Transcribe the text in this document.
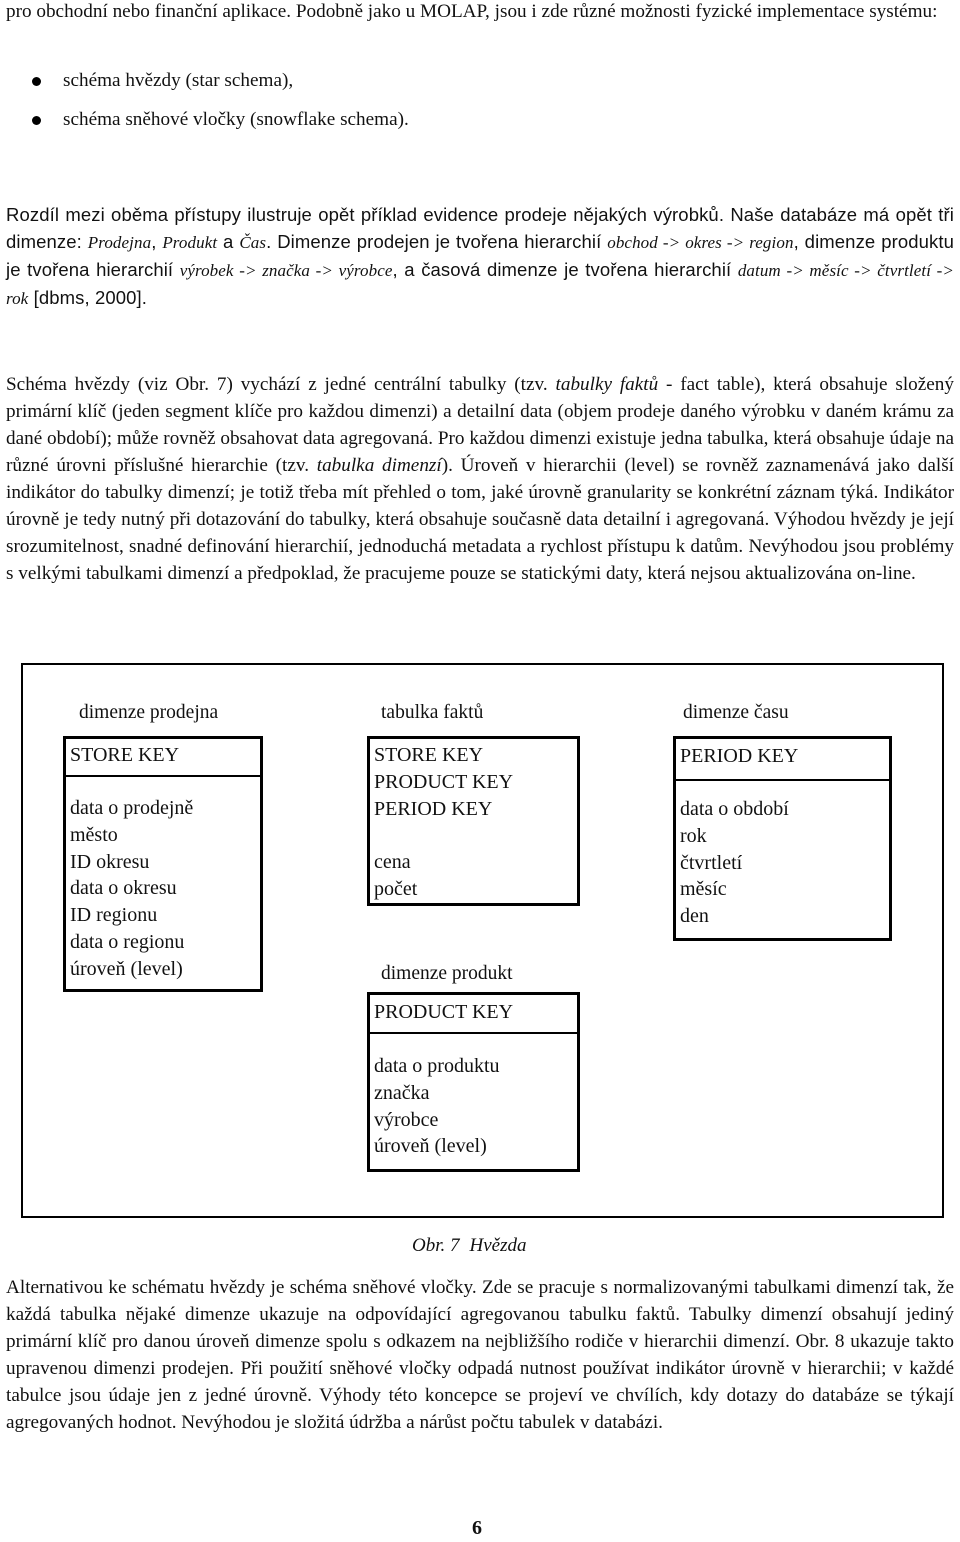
pro obchodní nebo finanční aplikace. Podobně jako u MOLAP, jsou i zde různé možnosti fyzické implementace systému:

schéma hvězdy (star schema),
schéma sněhové vločky (snowflake schema).

Rozdíl mezi oběma přístupy ilustruje opět příklad evidence prodeje nějakých výrobků. Naše databáze má opět tři dimenze: Prodejna, Produkt a Čas. Dimenze prodejen je tvořena hierarchií obchod -> okres -> region, dimenze produktu je tvořena hierarchií výrobek -> značka -> výrobce, a časová dimenze je tvořena hierarchií datum -> měsíc -> čtvrtletí -> rok [dbms, 2000].

Schéma hvězdy (viz Obr. 7) vychází z jedné centrální tabulky (tzv. tabulky faktů - fact table), která obsahuje složený primární klíč (jeden segment klíče pro každou dimenzi) a detailní data (objem prodeje daného výrobku v daném krámu za dané období); může rovněž obsahovat data agregovaná. Pro každou dimenzi existuje jedna tabulka, která obsahuje údaje na různé úrovni příslušné hierarchie (tzv. tabulka dimenzí). Úroveň v hierarchii (level) se rovněž zaznamenává jako další indikátor do tabulky dimenzí; je totiž třeba mít přehled o tom, jaké úrovně granularity se konkrétní záznam týká. Indikátor úrovně je tedy nutný při dotazování do tabulky, která obsahuje současně data detailní i agregovaná. Výhodou hvězdy je její srozumitelnost, snadné definování hierarchií, jednoduchá metadata a rychlost přístupu k datům. Nevýhodou jsou problémy s velkými tabulkami dimenzí a předpoklad, že pracujeme pouze se statickými daty, která nejsou aktualizována on-line.

dimenze prodejna	tabulka faktů	dimenze času
STORE KEY
data o prodejně
město
ID okresu
data o okresu
ID regionu
data o regionu
úroveň (level)
STORE KEY
PRODUCT KEY
PERIOD KEY
cena
počet
PERIOD KEY
data o období
rok
čtvrtletí
měsíc
den
dimenze produkt
PRODUCT KEY
data o produktu
značka
výrobce
úroveň (level)
Obr. 7 Hvězda

Alternativou ke schématu hvězdy je schéma sněhové vločky. Zde se pracuje s normalizovanými tabulkami dimenzí tak, že každá tabulka nějaké dimenze ukazuje na odpovídající agregovanou tabulku faktů. Tabulky dimenzí obsahují jediný primární klíč pro danou úroveň dimenze spolu s odkazem na nejbližšího rodiče v hierarchii dimenzí. Obr. 8 ukazuje takto upravenou dimenzi prodejen. Při použití sněhové vločky odpadá nutnost používat indikátor úrovně v hierarchii; v každé tabulce jsou údaje jen z jedné úrovně. Výhody této koncepce se projeví ve chvílích, kdy dotazy do databáze se týkají agregovaných hodnot. Nevýhodou je složitá údržba a nárůst počtu tabulek v databázi.

6
